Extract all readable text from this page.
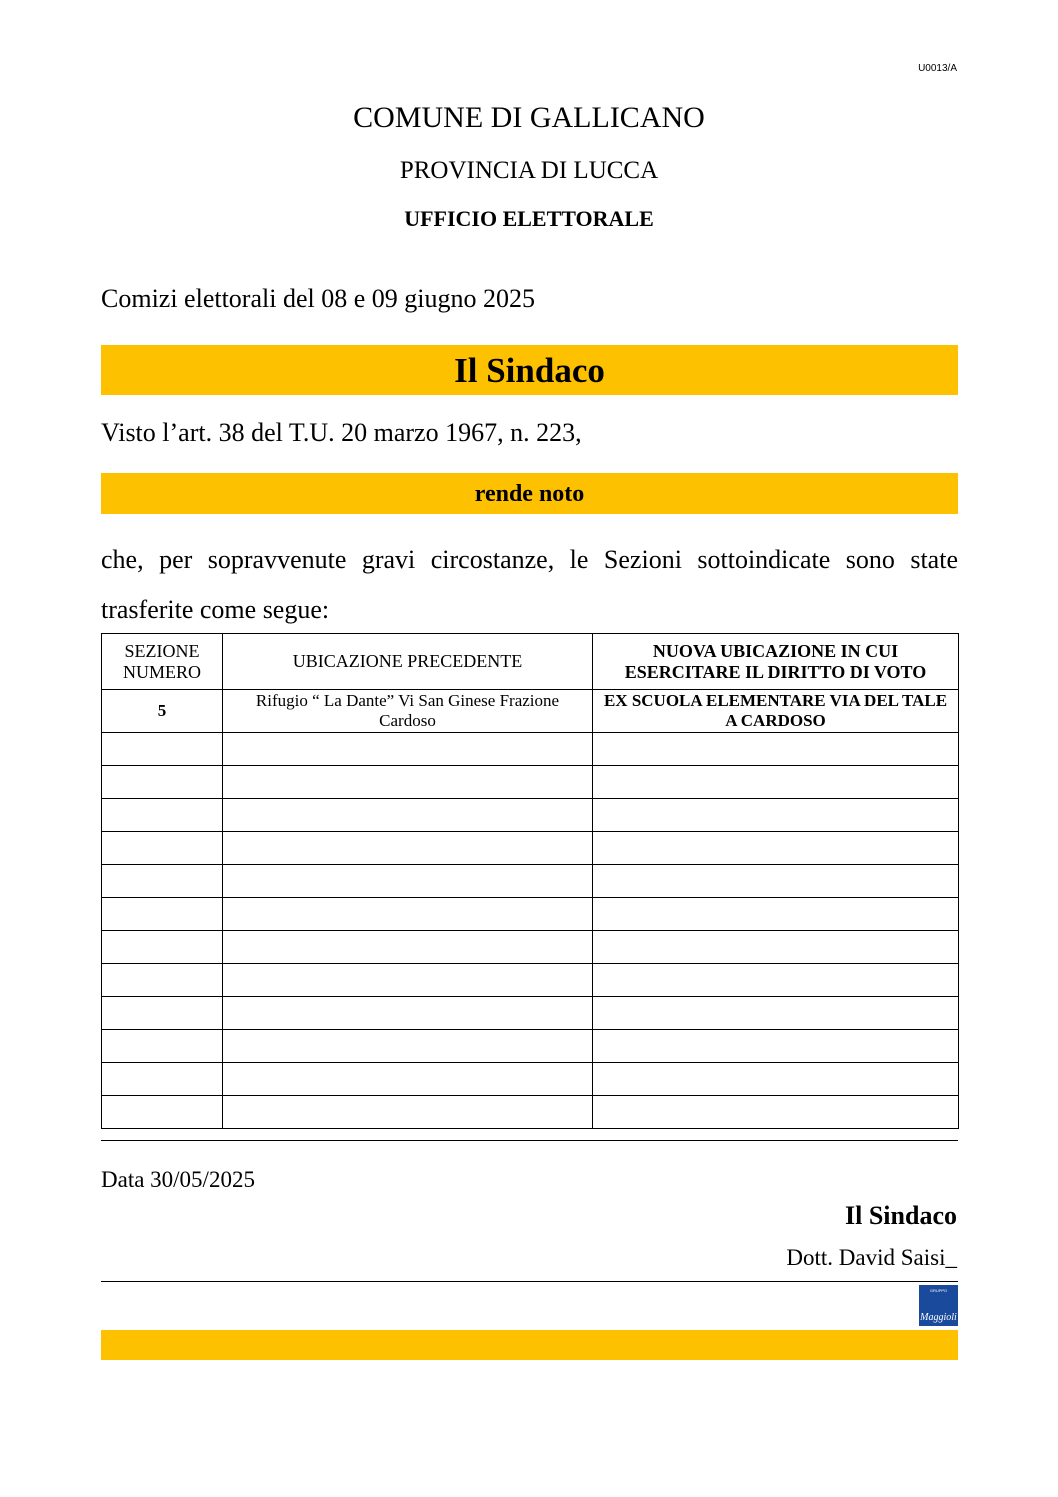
U0013/A
COMUNE DI GALLICANO
PROVINCIA DI LUCCA
UFFICIO ELETTORALE
Comizi elettorali del 08 e 09 giugno 2025
Il Sindaco
Visto l’art. 38 del T.U. 20 marzo 1967, n. 223,
rende noto
che, per sopravvenute gravi circostanze, le Sezioni sottoindicate sono state trasferite come segue:
SEZIONE NUMERO	UBICAZIONE PRECEDENTE	NUOVA UBICAZIONE IN CUI ESERCITARE IL DIRITTO DI VOTO
5	Rifugio “ La Dante” Vi San Ginese Frazione Cardoso	EX SCUOLA ELEMENTARE VIA DEL TALE A CARDOSO

Data 30/05/2025
Il Sindaco
Dott. David Saisi_
GRUPPO
Maggioli
